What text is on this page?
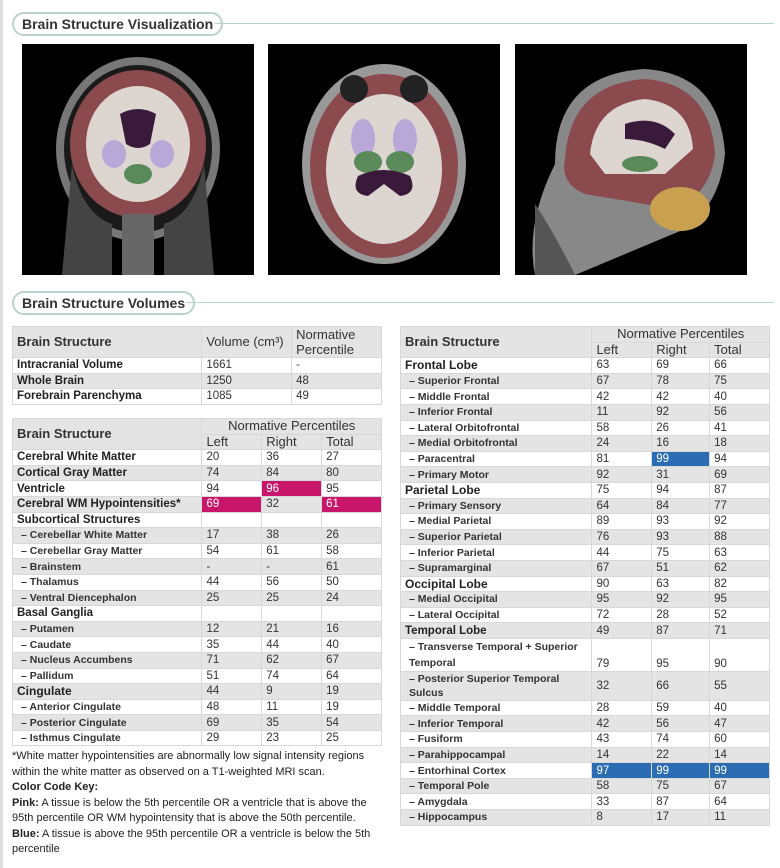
Brain Structure Visualization
Brain Structure Volumes
Brain Structure	Volume (cm³)	Normative Percentile
Intracranial Volume	1661	-
Whole Brain	1250	48
Forebrain Parenchyma	1085	49
Brain Structure	Normative Percentiles		
	Left	Right	Total
Cerebral White Matter	20	36	27
Cortical Gray Matter	74	84	80
Ventricle	94	96	95
Cerebral WM Hypointensities*	69	32	61
Subcortical Structures			
– Cerebellar White Matter	17	38	26
– Cerebellar Gray Matter	54	61	58
– Brainstem	-	-	61
– Thalamus	44	56	50
– Ventral Diencephalon	25	25	24
Basal Ganglia			
– Putamen	12	21	16
– Caudate	35	44	40
– Nucleus Accumbens	71	62	67
– Pallidum	51	74	64
Cingulate	44	9	19
– Anterior Cingulate	48	11	19
– Posterior Cingulate	69	35	54
– Isthmus Cingulate	29	23	25
Brain Structure	Normative Percentiles		
	Left	Right	Total
Frontal Lobe	63	69	66
– Superior Frontal	67	78	75
– Middle Frontal	42	42	40
– Inferior Frontal	11	92	56
– Lateral Orbitofrontal	58	26	41
– Medial Orbitofrontal	24	16	18
– Paracentral	81	99	94
– Primary Motor	92	31	69
Parietal Lobe	75	94	87
– Primary Sensory	64	84	77
– Medial Parietal	89	93	92
– Superior Parietal	76	93	88
– Inferior Parietal	44	75	63
– Supramarginal	67	51	62
Occipital Lobe	90	63	82
– Medial Occipital	95	92	95
– Lateral Occipital	72	28	52
Temporal Lobe	49	87	71
– Transverse Temporal + Superior Temporal	79	95	90
– Posterior Superior Temporal Sulcus	32	66	55
– Middle Temporal	28	59	40
– Inferior Temporal	42	56	47
– Fusiform	43	74	60
– Parahippocampal	14	22	14
– Entorhinal Cortex	97	99	99
– Temporal Pole	58	75	67
– Amygdala	33	87	64
– Hippocampus	8	17	11
*White matter hypointensities are abnormally low signal intensity regions within the white matter as observed on a T1-weighted MRI scan.
Color Code Key:
Pink: A tissue is below the 5th percentile OR a ventricle that is above the 95th percentile OR WM hypointensity that is above the 50th percentile.
Blue: A tissue is above the 95th percentile OR a ventricle is below the 5th percentile
